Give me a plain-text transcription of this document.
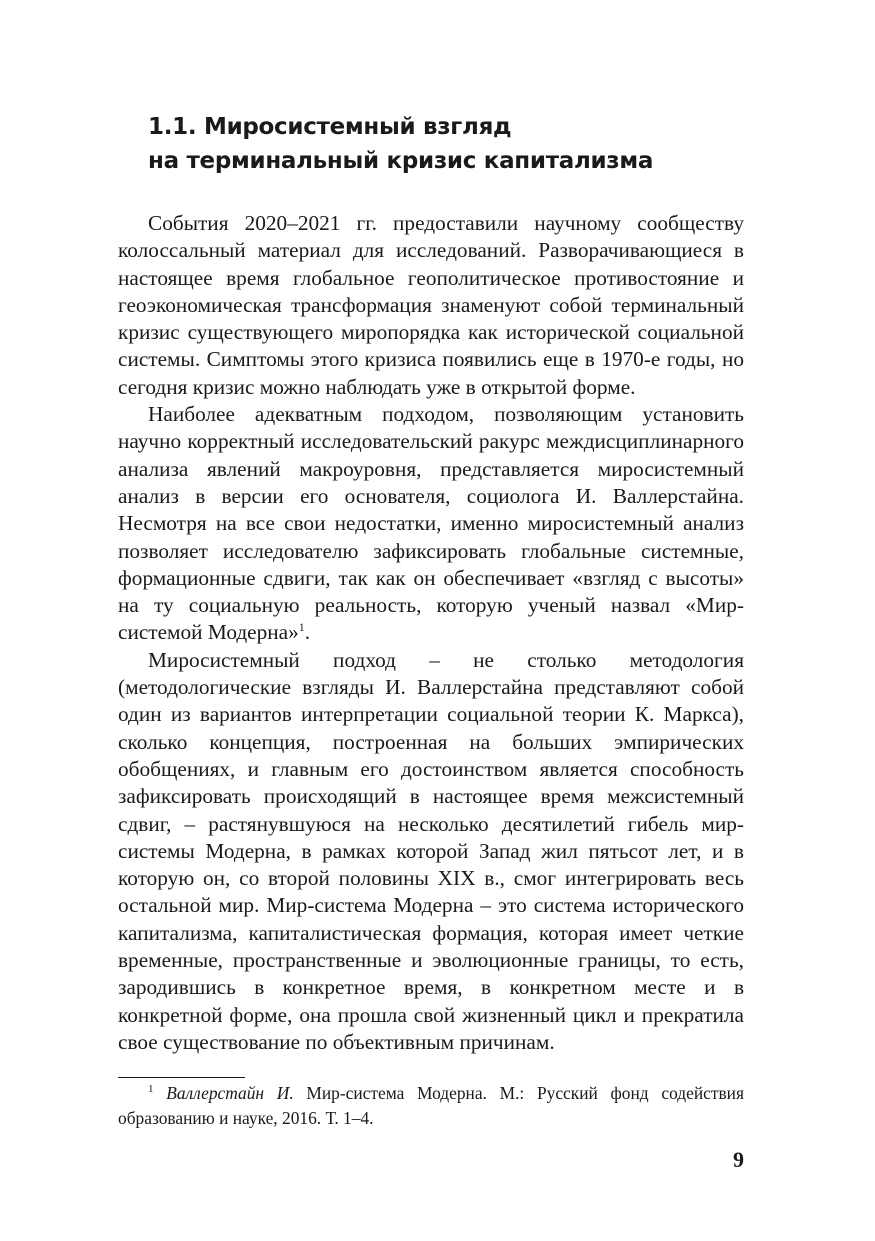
1.1. Миросистемный взгляд
на терминальный кризис капитализма

События 2020–2021 гг. предоставили научному сообществу колоссальный материал для исследований. Разворачивающиеся в настоящее время глобальное геополитическое противостояние и геоэкономическая трансформация знаменуют собой терминальный кризис существующего миропорядка как исторической социальной системы. Симптомы этого кризиса появились еще в 1970-е годы, но сегодня кризис можно наблюдать уже в открытой форме.

Наиболее адекватным подходом, позволяющим установить научно корректный исследовательский ракурс междисциплинарного анализа явлений макроуровня, представляется миросистемный анализ в версии его основателя, социолога И. Валлерстайна. Несмотря на все свои недостатки, именно миросистемный анализ позволяет исследователю зафиксировать глобальные системные, формационные сдвиги, так как он обеспечивает «взгляд с высоты» на ту социальную реальность, которую ученый назвал «Мир-системой Модерна»$^1$.

Миросистемный подход – не столько методология (методологические взгляды И. Валлерстайна представляют собой один из вариантов интерпретации социальной теории К. Маркса), сколько концепция, построенная на больших эмпирических обобщениях, и главным его достоинством является способность зафиксировать происходящий в настоящее время межсистемный сдвиг, – растянувшуюся на несколько десятилетий гибель мир-системы Модерна, в рамках которой Запад жил пятьсот лет, и в которую он, со второй половины XIX в., смог интегрировать весь остальной мир. Мир-система Модерна – это система исторического капитализма, капиталистическая формация, которая имеет четкие временные, пространственные и эволюционные границы, то есть, зародившись в конкретное время, в конкретном месте и в конкретной форме, она прошла свой жизненный цикл и прекратила свое существование по объективным причинам.

$^1$ Валлерстайн И. Мир-система Модерна. М.: Русский фонд содействия образованию и науке, 2016. Т. 1–4.

9
